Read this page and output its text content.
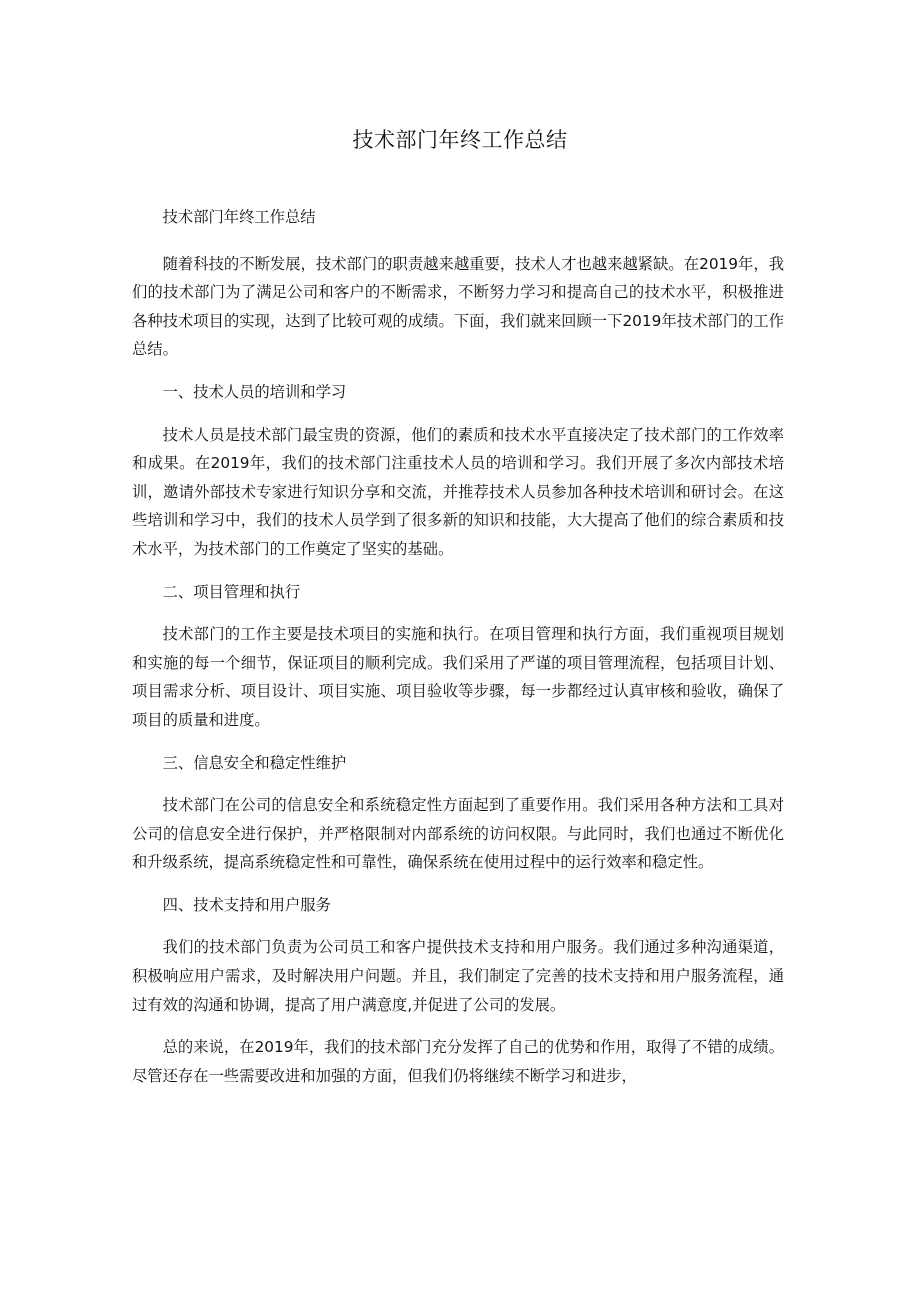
技术部门年终工作总结

技术部门年终工作总结

随着科技的不断发展，技术部门的职责越来越重要，技术人才也越来越紧缺。在2019年，我们的技术部门为了满足公司和客户的不断需求，不断努力学习和提高自己的技术水平，积极推进各种技术项目的实现，达到了比较可观的成绩。下面，我们就来回顾一下2019年技术部门的工作总结。

一、技术人员的培训和学习

技术人员是技术部门最宝贵的资源，他们的素质和技术水平直接决定了技术部门的工作效率和成果。在2019年，我们的技术部门注重技术人员的培训和学习。我们开展了多次内部技术培训，邀请外部技术专家进行知识分享和交流，并推荐技术人员参加各种技术培训和研讨会。在这些培训和学习中，我们的技术人员学到了很多新的知识和技能，大大提高了他们的综合素质和技术水平，为技术部门的工作奠定了坚实的基础。

二、项目管理和执行

技术部门的工作主要是技术项目的实施和执行。在项目管理和执行方面，我们重视项目规划和实施的每一个细节，保证项目的顺利完成。我们采用了严谨的项目管理流程，包括项目计划、项目需求分析、项目设计、项目实施、项目验收等步骤，每一步都经过认真审核和验收，确保了项目的质量和进度。

三、信息安全和稳定性维护

技术部门在公司的信息安全和系统稳定性方面起到了重要作用。我们采用各种方法和工具对公司的信息安全进行保护，并严格限制对内部系统的访问权限。与此同时，我们也通过不断优化和升级系统，提高系统稳定性和可靠性，确保系统在使用过程中的运行效率和稳定性。

四、技术支持和用户服务

我们的技术部门负责为公司员工和客户提供技术支持和用户服务。我们通过多种沟通渠道，积极响应用户需求，及时解决用户问题。并且，我们制定了完善的技术支持和用户服务流程，通过有效的沟通和协调，提高了用户满意度,并促进了公司的发展。

总的来说，在2019年，我们的技术部门充分发挥了自己的优势和作用，取得了不错的成绩。尽管还存在一些需要改进和加强的方面，但我们仍将继续不断学习和进步，
